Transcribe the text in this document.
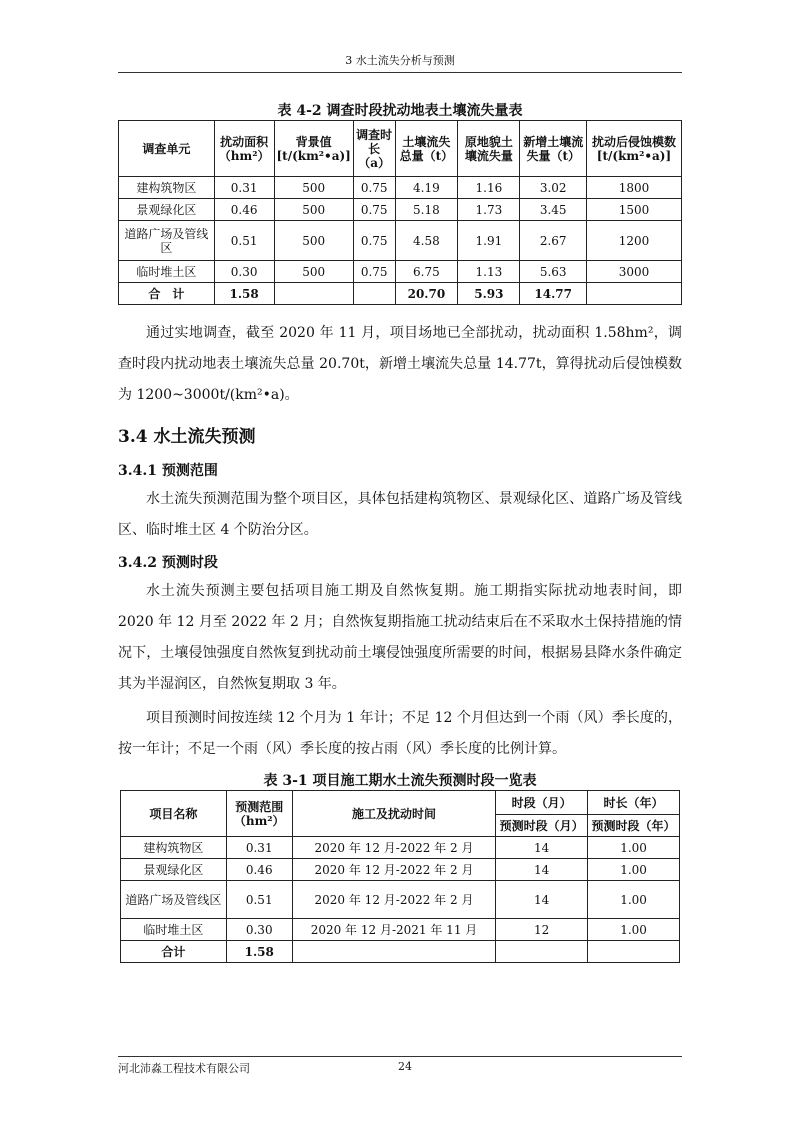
3 水土流失分析与预测
表 4-2 调查时段扰动地表土壤流失量表
调查单元	扰动面积（hm²）	背景值[t/(km²•a)]	调查时长（a）	土壤流失总量（t）	原地貌土壤流失量	新增土壤流失量（t）	扰动后侵蚀模数[t/(km²•a)]
建构筑物区	0.31	500	0.75	4.19	1.16	3.02	1800
景观绿化区	0.46	500	0.75	5.18	1.73	3.45	1500
道路广场及管线区	0.51	500	0.75	4.58	1.91	2.67	1200
临时堆土区	0.30	500	0.75	6.75	1.13	5.63	3000
合　计	1.58			20.70	5.93	14.77	

通过实地调查，截至 2020 年 11 月，项目场地已全部扰动，扰动面积 1.58hm²，调查时段内扰动地表土壤流失总量 20.70t，新增土壤流失总量 14.77t，算得扰动后侵蚀模数为 1200~3000t/(km²•a)。

3.4 水土流失预测
3.4.1 预测范围

水土流失预测范围为整个项目区，具体包括建构筑物区、景观绿化区、道路广场及管线区、临时堆土区 4 个防治分区。

3.4.2 预测时段

水土流失预测主要包括项目施工期及自然恢复期。施工期指实际扰动地表时间，即 2020 年 12 月至 2022 年 2 月；自然恢复期指施工扰动结束后在不采取水土保持措施的情况下，土壤侵蚀强度自然恢复到扰动前土壤侵蚀强度所需要的时间，根据易县降水条件确定其为半湿润区，自然恢复期取 3 年。

项目预测时间按连续 12 个月为 1 年计；不足 12 个月但达到一个雨（风）季长度的，按一年计；不足一个雨（风）季长度的按占雨（风）季长度的比例计算。

表 3-1 项目施工期水土流失预测时段一览表
项目名称	预测范围（hm²）	施工及扰动时间	时段（月）	时长（年）
			预测时段（月）	预测时段（年）
建构筑物区	0.31	2020 年 12 月-2022 年 2 月	14	1.00
景观绿化区	0.46	2020 年 12 月-2022 年 2 月	14	1.00
道路广场及管线区	0.51	2020 年 12 月-2022 年 2 月	14	1.00
临时堆土区	0.30	2020 年 12 月-2021 年 11 月	12	1.00
合计	1.58			
河北沛淼工程技术有限公司	24
